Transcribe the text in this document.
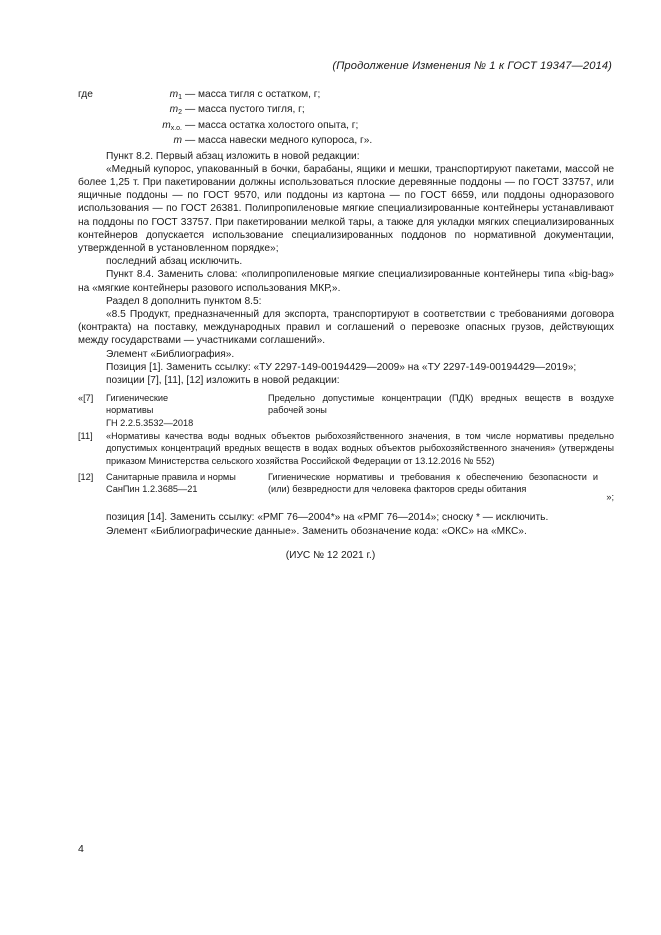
(Продолжение Изменения № 1 к ГОСТ 19347—2014)
где	$m_1$ — масса тигля с остатком, г;
$m_2$ — масса пустого тигля, г;
$m_{х.о.}$ — масса остатка холостого опыта, г;
m — масса навески медного купороса, г».

Пункт 8.2. Первый абзац изложить в новой редакции:

«Медный купорос, упакованный в бочки, барабаны, ящики и мешки, транспортируют пакетами, массой не более 1,25 т. При пакетировании должны использоваться плоские деревянные поддоны — по ГОСТ 33757, или ящичные поддоны — по ГОСТ 9570, или поддоны из картона — по ГОСТ 6659, или поддоны одноразового использования — по ГОСТ 26381. Полипропиленовые мягкие специализированные контейнеры устанавливают на поддоны по ГОСТ 33757. При пакетировании мелкой тары, а также для укладки мягких специализированных контейнеров допускается использование специализированных поддонов по нормативной документации, утвержденной в установленном порядке»;

последний абзац исключить.

Пункт 8.4. Заменить слова: «полипропиленовые мягкие специализированные контейнеры типа «big-bag» на «мягкие контейнеры разового использования МКР,».

Раздел 8 дополнить пунктом 8.5:

«8.5 Продукт, предназначенный для экспорта, транспортируют в соответствии с требованиями договора (контракта) на поставку, международных правил и соглашений о перевозке опасных грузов, действующих между государствами — участниками соглашений».

Элемент «Библиография».

Позиция [1]. Заменить ссылку: «ТУ 2297-149-00194429—2009» на «ТУ 2297-149-00194429—2019»;

позиции [7], [11], [12] изложить в новой редакции:

«[7] Гигиенические
нормативы
ГН 2.2.5.3532—2018
Предельно допустимые концентрации (ПДК) вредных веществ в воздухе рабочей зоны
[11] «Нормативы качества воды водных объектов рыбохозяйственного значения, в том числе нормативы предельно допустимых концентраций вредных веществ в водах водных объектов рыбохозяйственного значения» (утверждены приказом Министерства сельского хозяйства Российской Федерации от 13.12.2016 № 552)
[12] Санитарные правила и нормы
СанПин 1.2.3685—21
Гигиенические нормативы и требования к обеспечению безопасности и (или) безвредности для человека факторов среды обитания
»;

позиция [14]. Заменить ссылку: «РМГ 76—2004*» на «РМГ 76—2014»; сноску * — исключить.

Элемент «Библиографические данные». Заменить обозначение кода: «ОКС» на «МКС».

(ИУС № 12 2021 г.)
4
